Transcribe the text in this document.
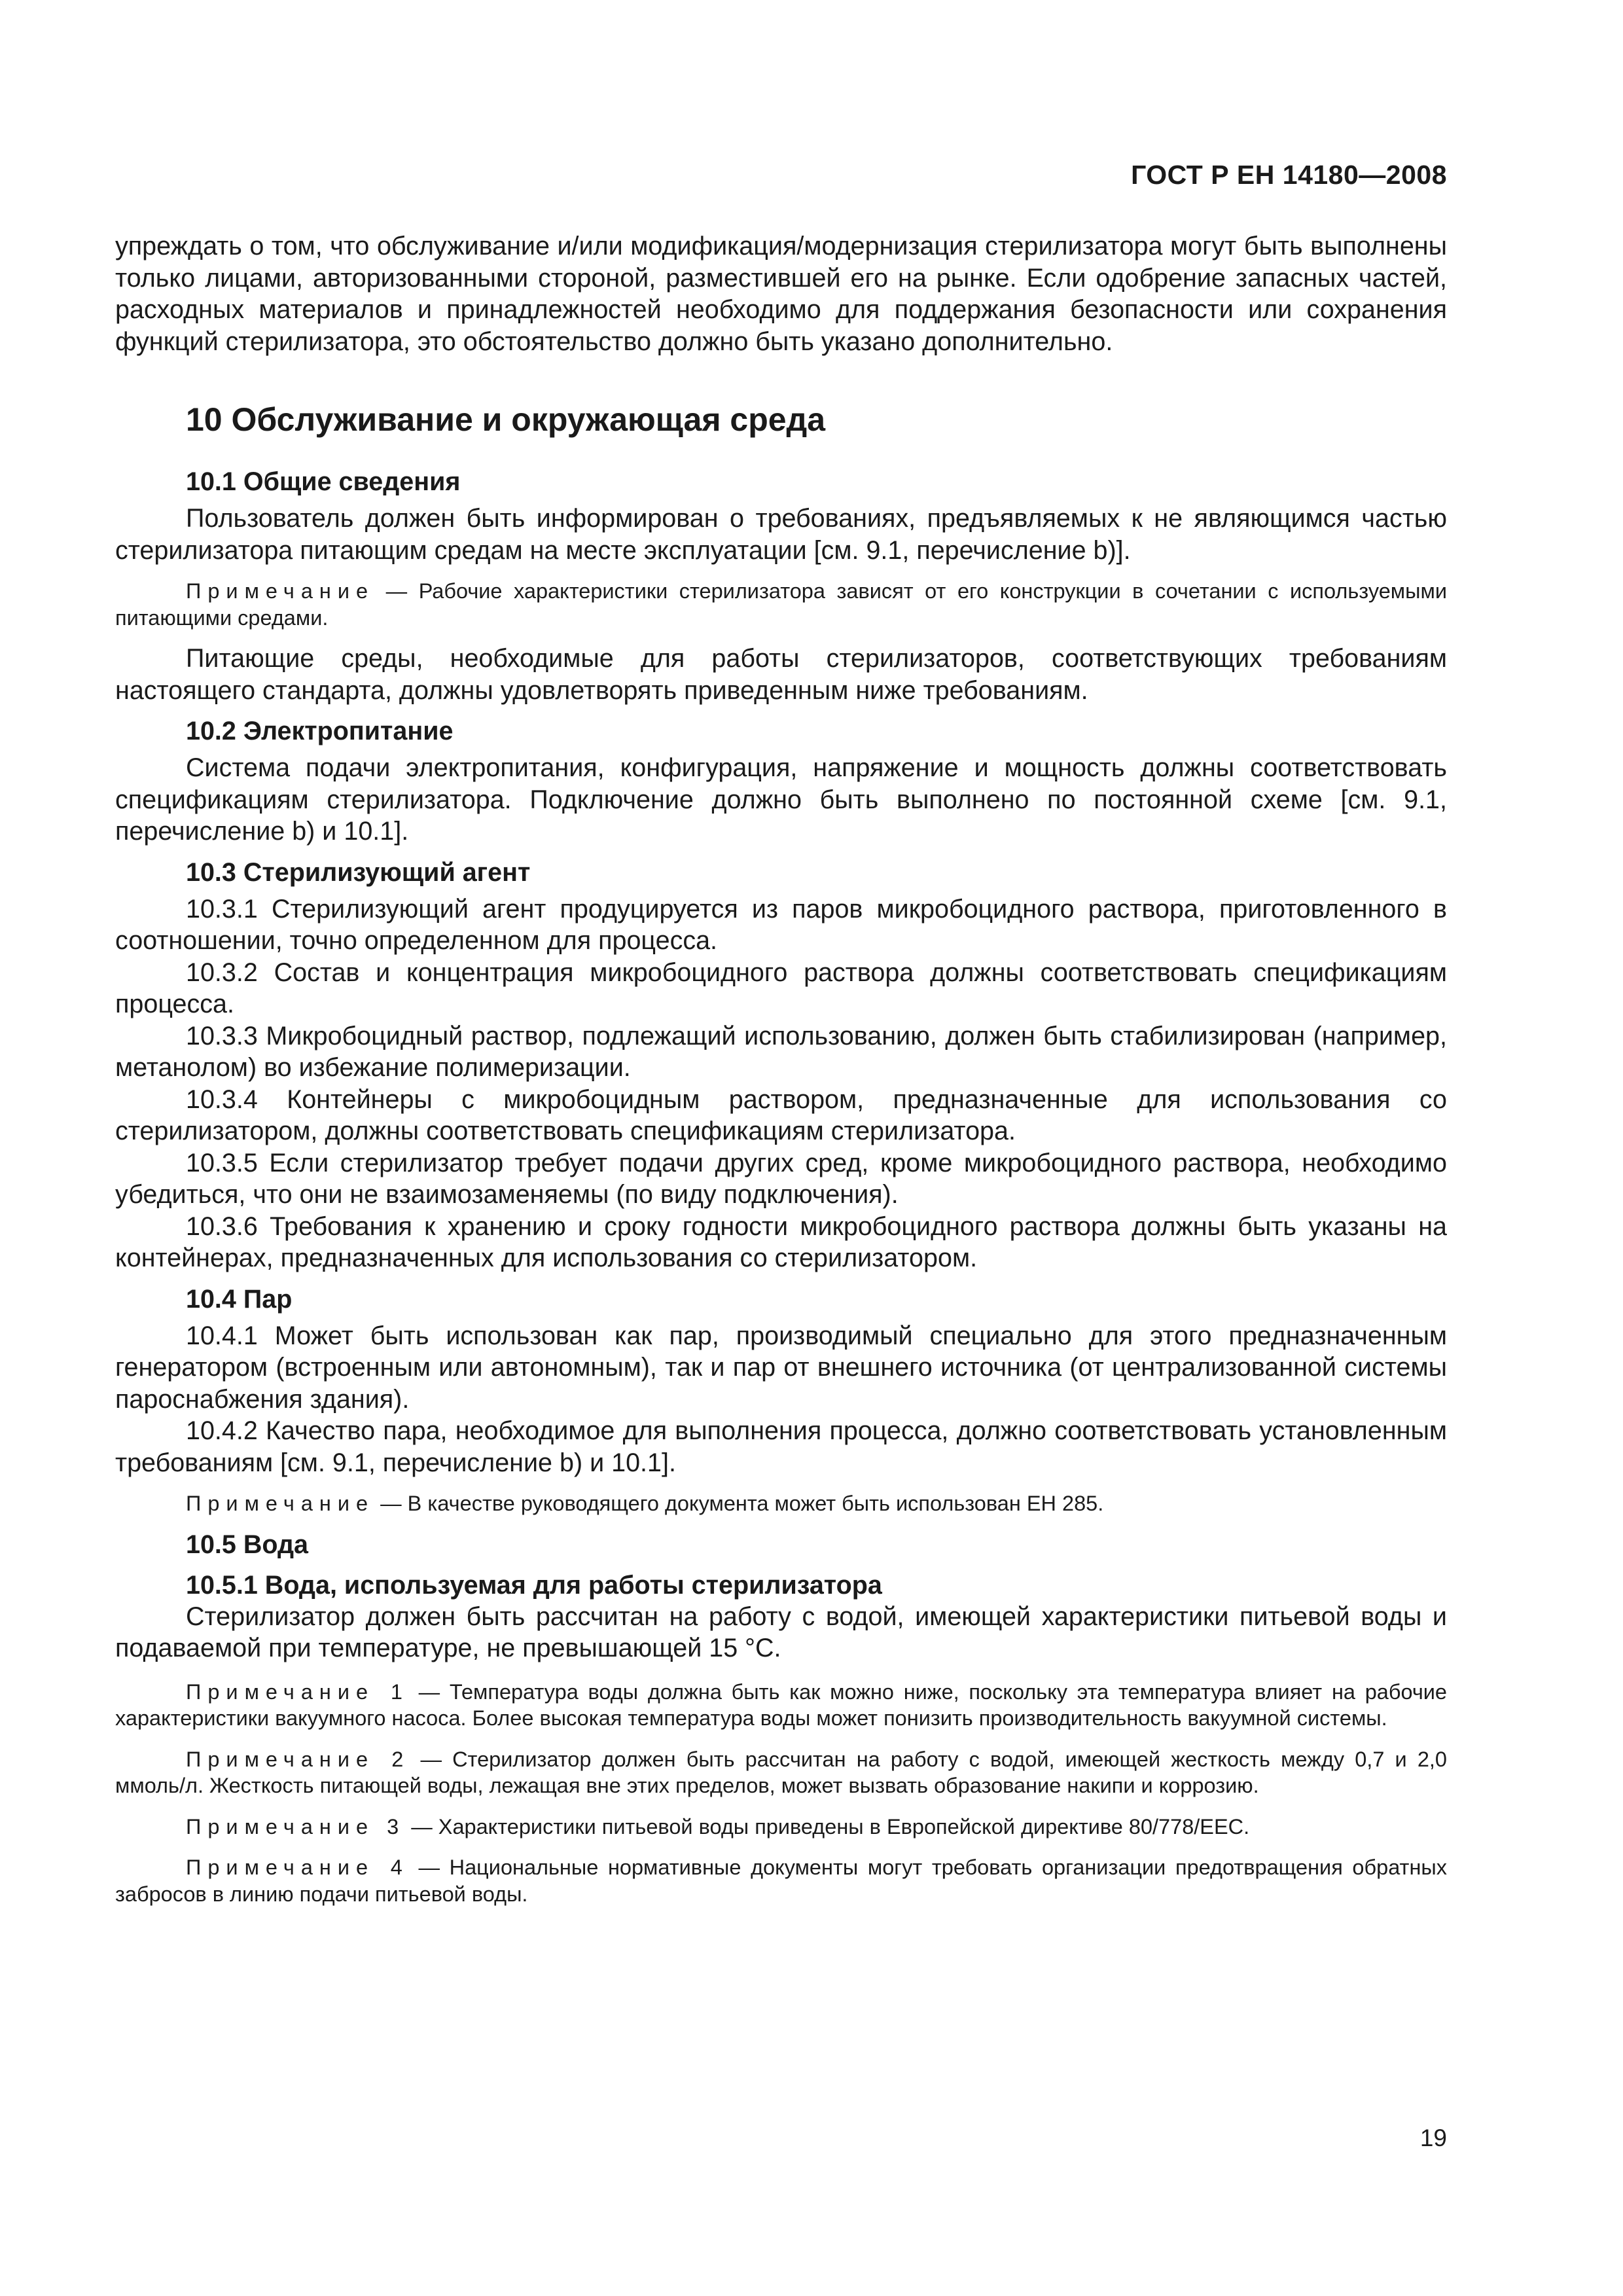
ГОСТ Р ЕН 14180—2008

упреждать о том, что обслуживание и/или модификация/модернизация стерилизатора могут быть выполнены только лицами, авторизованными стороной, разместившей его на рынке. Если одобрение запасных частей, расходных материалов и принадлежностей необходимо для поддержания безопасности или сохранения функций стерилизатора, это обстоятельство должно быть указано дополнительно.

10 Обслуживание и окружающая среда
10.1 Общие сведения

Пользователь должен быть информирован о требованиях, предъявляемых к не являющимся частью стерилизатора питающим средам на месте эксплуатации [см. 9.1, перечисление b)].

Примечание — Рабочие характеристики стерилизатора зависят от его конструкции в сочетании с используемыми питающими средами.

Питающие среды, необходимые для работы стерилизаторов, соответствующих требованиям настоящего стандарта, должны удовлетворять приведенным ниже требованиям.

10.2 Электропитание

Система подачи электропитания, конфигурация, напряжение и мощность должны соответствовать спецификациям стерилизатора. Подключение должно быть выполнено по постоянной схеме [см. 9.1, перечисление b) и 10.1].

10.3 Стерилизующий агент

10.3.1 Стерилизующий агент продуцируется из паров микробоцидного раствора, приготовленного в соотношении, точно определенном для процесса.

10.3.2 Состав и концентрация микробоцидного раствора должны соответствовать спецификациям процесса.

10.3.3 Микробоцидный раствор, подлежащий использованию, должен быть стабилизирован (например, метанолом) во избежание полимеризации.

10.3.4 Контейнеры с микробоцидным раствором, предназначенные для использования со стерилизатором, должны соответствовать спецификациям стерилизатора.

10.3.5 Если стерилизатор требует подачи других сред, кроме микробоцидного раствора, необходимо убедиться, что они не взаимозаменяемы (по виду подключения).

10.3.6 Требования к хранению и сроку годности микробоцидного раствора должны быть указаны на контейнерах, предназначенных для использования со стерилизатором.

10.4 Пар

10.4.1 Может быть использован как пар, производимый специально для этого предназначенным генератором (встроенным или автономным), так и пар от внешнего источника (от централизованной системы пароснабжения здания).

10.4.2 Качество пара, необходимое для выполнения процесса, должно соответствовать установленным требованиям [см. 9.1, перечисление b) и 10.1].

Примечание — В качестве руководящего документа может быть использован ЕН 285.

10.5 Вода
10.5.1 Вода, используемая для работы стерилизатора

Стерилизатор должен быть рассчитан на работу с водой, имеющей характеристики питьевой воды и подаваемой при температуре, не превышающей 15 °С.

Примечание 1 — Температура воды должна быть как можно ниже, поскольку эта температура влияет на рабочие характеристики вакуумного насоса. Более высокая температура воды может понизить производительность вакуумной системы.

Примечание 2 — Стерилизатор должен быть рассчитан на работу с водой, имеющей жесткость между 0,7 и 2,0 ммоль/л. Жесткость питающей воды, лежащая вне этих пределов, может вызвать образование накипи и коррозию.

Примечание 3 — Характеристики питьевой воды приведены в Европейской директиве 80/778/ЕЕС.

Примечание 4 — Национальные нормативные документы могут требовать организации предотвращения обратных забросов в линию подачи питьевой воды.

19
